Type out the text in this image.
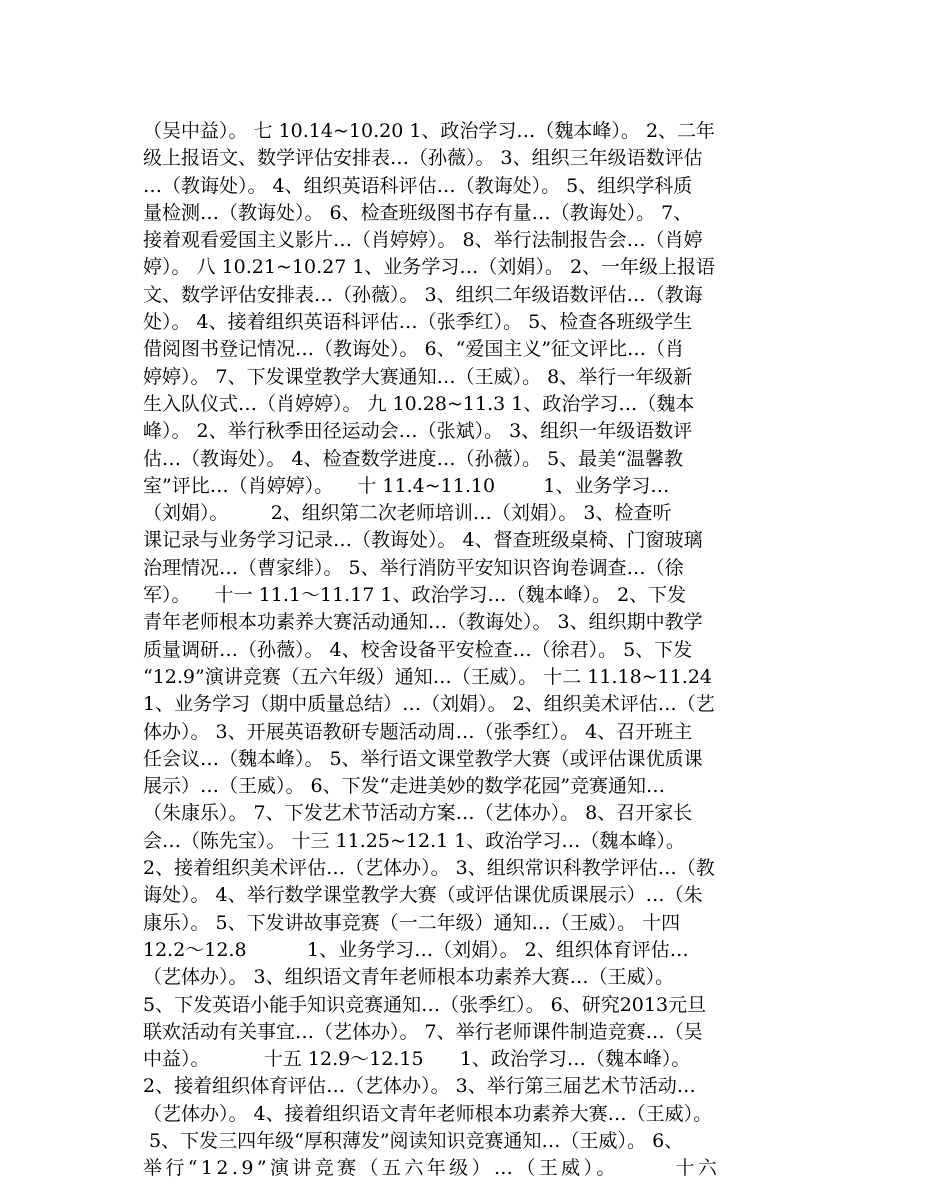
（吴中益）。 七 10.14~10.20 1、政治学习…（魏本峰）。 2、二年
级上报语文、数学评估安排表…（孙薇）。 3、组织三年级语数评估
…（教诲处）。 4、组织英语科评估…（教诲处）。 5、组织学科质
量检测…（教诲处）。 6、检查班级图书存有量…（教诲处）。 7、
接着观看爱国主义影片…（肖婷婷）。 8、举行法制报告会…（肖婷
婷）。 八 10.21~10.27 1、业务学习…（刘娟）。 2、一年级上报语
文、数学评估安排表…（孙薇）。 3、组织二年级语数评估…（教诲
处）。 4、接着组织英语科评估…（张季红）。 5、检查各班级学生
借阅图书登记情况…（教诲处）。 6、“爱国主义”征文评比…（肖
婷婷）。 7、下发课堂教学大赛通知…（王威）。 8、举行一年级新
生入队仪式…（肖婷婷）。 九 10.28~11.3 1、政治学习…（魏本
峰）。 2、举行秋季田径运动会…（张斌）。 3、组织一年级语数评
估…（教诲处）。 4、检查数学进度…（孙薇）。 5、最美“温馨教
室”评比…（肖婷婷）。    十 11.4~11.10        1、业务学习…
（刘娟）。       2、组织第二次老师培训…（刘娟）。 3、检查听
课记录与业务学习记录…（教诲处）。 4、督查班级桌椅、门窗玻璃
治理情况…（曹家绯）。 5、举行消防平安知识咨询卷调查…（徐
军）。    十一 11.1～11.17 1、政治学习…（魏本峰）。 2、下发
青年老师根本功素养大赛活动通知…（教诲处）。 3、组织期中教学
质量调研…（孙薇）。 4、校舍设备平安检查…（徐君）。 5、下发
“12.9”演讲竞赛（五六年级）通知…（王威）。 十二 11.18~11.24
1、业务学习（期中质量总结）…（刘娟）。 2、组织美术评估…（艺
体办）。 3、开展英语教研专题活动周…（张季红）。 4、召开班主
任会议…（魏本峰）。 5、举行语文课堂教学大赛（或评估课优质课
展示）…（王威）。 6、下发“走进美妙的数学花园”竞赛通知…
（朱康乐）。 7、下发艺术节活动方案…（艺体办）。 8、召开家长
会…（陈先宝）。 十三 11.25~12.1 1、政治学习…（魏本峰）。
2、接着组织美术评估…（艺体办）。 3、组织常识科教学评估…（教
诲处）。 4、举行数学课堂教学大赛（或评估课优质课展示）…（朱
康乐）。 5、下发讲故事竞赛（一二年级）通知…（王威）。 十四
12.2～12.8          1、业务学习…（刘娟）。 2、组织体育评估…
（艺体办）。 3、组织语文青年老师根本功素养大赛…（王威）。
5、下发英语小能手知识竞赛通知…（张季红）。 6、研究2013元旦
联欢活动有关事宜…（艺体办）。 7、举行老师课件制造竞赛…（吴
中益）。         十五 12.9～12.15      1、政治学习…（魏本峰）。
2、接着组织体育评估…（艺体办）。 3、举行第三届艺术节活动…
（艺体办）。 4、接着组织语文青年老师根本功素养大赛…（王威）。
5、下发三四年级“厚积薄发”阅读知识竞赛通知…（王威）。 6、
举行“12.9”演讲竞赛（五六年级）…（王威）。      十六
